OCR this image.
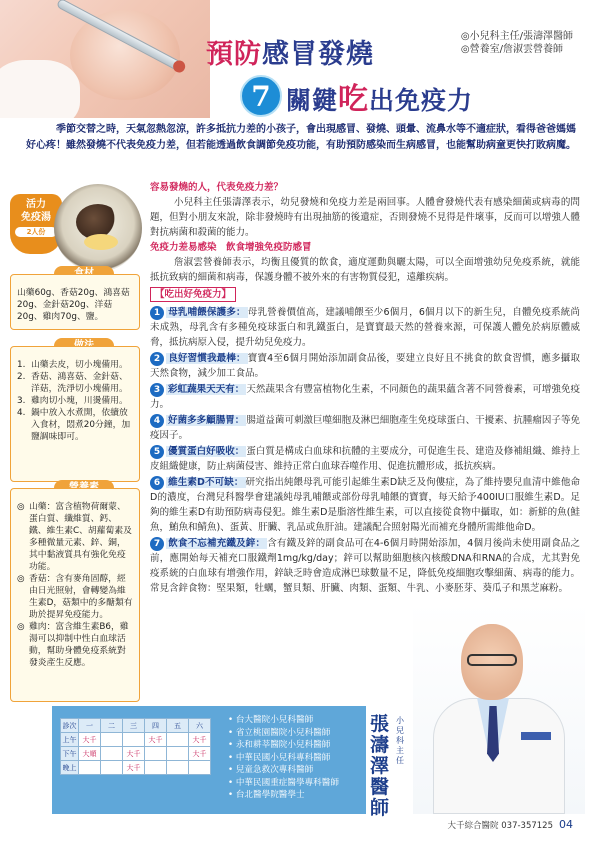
◎小兒科主任/張濤澤醫師
◎營養室/詹淑雲營養師
預防感冒發燒
7 關鍵吃出免疫力

季節交替之時，天氣忽熱忽涼，許多抵抗力差的小孩子，會出現感冒、發燒、頭暈、流鼻水等不適症狀，看得爸爸媽媽好心疼！雖然發燒不代表免疫力差，但若能透過飲食調節免疫功能，有助預防感染而生病感冒，也能幫助病童更快打敗病魔。

活力
免疫湯
2人份
山藥60g、香菇20g、鴻喜菇20g、金針菇20g、洋菇20g、雞肉70g、鹽。
1. 山藥去皮，切小塊備用。
2. 香菇、鴻喜菇、金針菇、洋菇，洗淨切小塊備用。
3. 雞肉切小塊，川燙備用。
4. 鍋中放入水煮開，依續放入食材，悶煮20分鐘，加鹽調味即可。

◎ 山藥：富含植物荷爾蒙、蛋白質、纖維質、鈣、鐵、維生素C、胡蘿蔔素及多種微量元素、鋅、銅，其中黏液質具有強化免疫功能。

◎ 香菇：含有麥角固醇，經由日光照射，會轉變為維生素D，菇類中的多醣類有助於提昇免疫能力。

◎ 雞肉：富含維生素B6，雞湯可以抑制中性白血球活動，幫助身體免疫系統對發炎產生反應。

容易發燒的人，代表免疫力差？

小兒科主任張濤澤表示，幼兒發燒和免疫力差是兩回事。人體會發燒代表有感染細菌或病毒的問題，但對小朋友來說，除非發燒時有出現抽筋的後遺症，否則發燒不見得是件壞事，反而可以增強人體對抗病菌和殺菌的能力。

免疫力差易感染　飲食增強免疫防感冒

詹淑雲營養師表示，均衡且優質的飲食，適度運動與曬太陽，可以全面增強幼兒免疫系統，就能抵抗致病的細菌和病毒，保護身體不被外來的有害物質侵犯，遠離疾病。

【吃出好免疫力】
1 母乳哺餵保護多： 母乳營養價值高，建議哺餵至少6個月，6個月以下的新生兒，自體免疫系統尚未成熟，母乳含有多種免疫球蛋白和乳鐵蛋白，是寶寶最天然的營養來源，可保護人體免於病原體威脅，抵抗病原入侵，提升幼兒免疫力。
2 良好習慣我最棒： 寶寶4至6個月開始添加副食品後，要建立良好且不挑食的飲食習慣，應多攝取天然食物，減少加工食品。
3 彩虹蔬果天天有： 天然蔬果含有豐富植物化生素，不同顏色的蔬果蘊含著不同營養素，可增強免疫力。
4 好菌多多顧腸胃： 腸道益菌可刺激巨噬細胞及淋巴細胞產生免疫球蛋白、干擾素、抗腫瘤因子等免疫因子。
5 優質蛋白好吸收： 蛋白質是構成白血球和抗體的主要成分，可促進生長、建造及修補組織、維持上皮組織健康，防止病菌侵害、維持正常白血球吞噬作用、促進抗體形成，抵抗疾病。
6 維生素D不可缺： 研究指出純餵母乳可能引起維生素D缺乏及佝僂症，為了維持嬰兒血清中維他命D的濃度，台灣兒科醫學會建議純母乳哺餵或部份母乳哺餵的寶寶，每天給予400IU口服維生素D。足夠的維生素D有助預防病毒侵犯。維生素D是脂溶性維生素，可以直接從食物中攝取，如：新鮮的魚(鮭魚，鮪魚和鯖魚)、蛋黃、肝臟、乳品或魚肝油。建議配合照射陽光而補充身體所需維他命D。
7 飲食不忘補充鐵及鋅： 含有鐵及鋅的副食品可在4-6個月時開始添加，4個月後尚未使用副食品之前，應開始每天補充口服鐵劑1mg/kg/day；鋅可以幫助細胞核內核酸DNA和RNA的合成，尤其對免疫系統的白血球有增強作用，鋅缺乏時會造成淋巴球數量不足，降低免疫細胞攻擊細菌、病毒的能力。常見含鋅食物：堅果類，牡蠣，蟹貝類、肝臟、肉類、蛋類、牛乳、小麥胚芽、葵瓜子和黑芝麻粉。
診次	一	二	三	四	五	六
上午	大千			大千		大千
下午	大順		大千			大千
晚上			大千			
• 台大醫院小兒科醫師
• 省立桃園醫院小兒科醫師
• 永和耕莘醫院小兒科醫師
• 中華民國小兒科專科醫師
• 兒童急救次專科醫師
• 中華民國重症醫學專科醫師
• 台北醫學院醫學士
張
濤
澤
醫
師
小兒科主任
大千綜合醫院 037-357125 04
